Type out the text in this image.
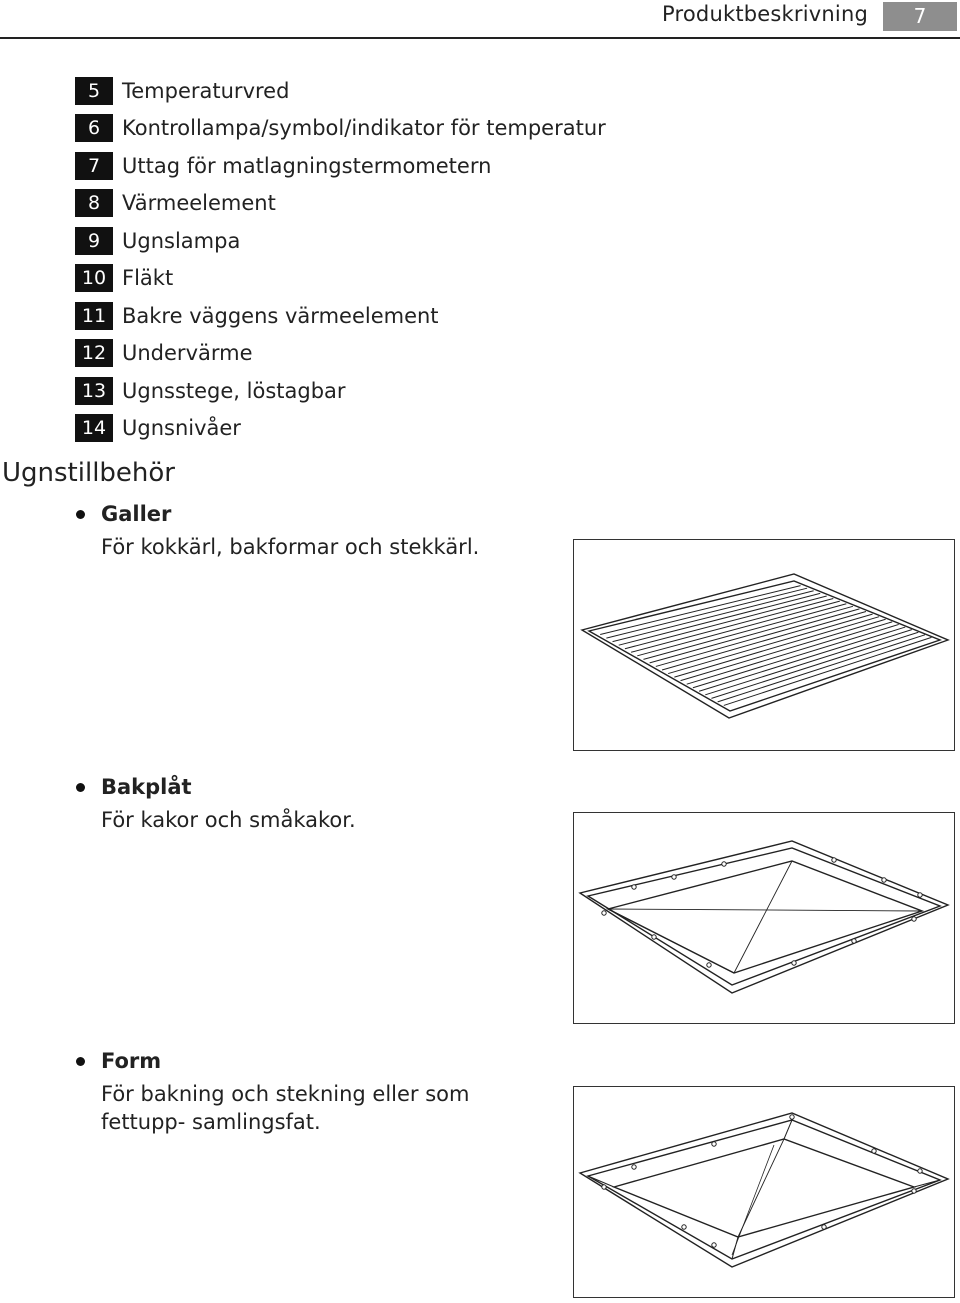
Produktbeskrivning	7
5	Temperaturvred
6	Kontrollampa/symbol/indikator för temperatur
7	Uttag för matlagningstermometern
8	Värmeelement
9	Ugnslampa
10 Fläkt
11 Bakre väggens värmeelement
12 Undervärme
13 Ugnsstege, löstagbar
14 Ugnsnivåer
Ugnstillbehör
Galler
För kokkärl, bakformar och stekkärl.
Bakplåt
För kakor och småkakor.
Form
För bakning och stekning eller som fettupp- samlingsfat.
